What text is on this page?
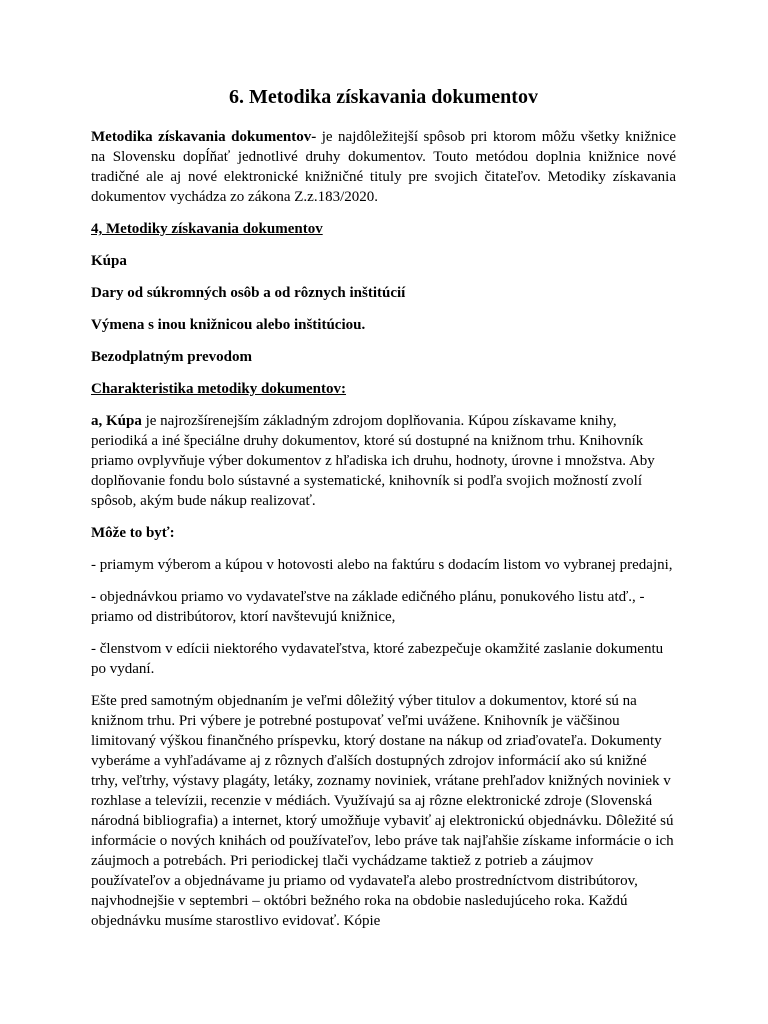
6. Metodika získavania dokumentov

Metodika získavania dokumentov- je najdôležitejší spôsob pri ktorom môžu všetky knižnice na Slovensku dopĺňať jednotlivé druhy dokumentov. Touto metódou doplnia knižnice nové tradičné ale aj nové elektronické knižničné tituly pre svojich čitateľov. Metodiky získavania dokumentov vychádza zo zákona Z.z.183/2020.

4, Metodiky získavania dokumentov

Kúpa

Dary od súkromných osôb a od rôznych inštitúcií

Výmena s inou knižnicou alebo inštitúciou.

Bezodplatným prevodom

Charakteristika metodiky dokumentov:

a, Kúpa je najrozšírenejším základným zdrojom doplňovania. Kúpou získavame knihy, periodiká a iné špeciálne druhy dokumentov, ktoré sú dostupné na knižnom trhu. Knihovník priamo ovplyvňuje výber dokumentov z hľadiska ich druhu, hodnoty, úrovne i množstva. Aby doplňovanie fondu bolo sústavné a systematické, knihovník si podľa svojich možností zvolí spôsob, akým bude nákup realizovať.

Môže to byť:

- priamym výberom a kúpou v hotovosti alebo na faktúru s dodacím listom vo vybranej predajni,

- objednávkou priamo vo vydavateľstve na základe edičného plánu, ponukového listu atď., - priamo od distribútorov, ktorí navštevujú knižnice,

- členstvom v edícii niektorého vydavateľstva, ktoré zabezpečuje okamžité zaslanie dokumentu po vydaní.

Ešte pred samotným objednaním je veľmi dôležitý výber titulov a dokumentov, ktoré sú na knižnom trhu. Pri výbere je potrebné postupovať veľmi uvážene. Knihovník je väčšinou limitovaný výškou finančného príspevku, ktorý dostane na nákup od zriaďovateľa. Dokumenty vyberáme a vyhľadávame aj z rôznych ďalších dostupných zdrojov informácií ako sú knižné trhy, veľtrhy, výstavy plagáty, letáky, zoznamy noviniek, vrátane prehľadov knižných noviniek v rozhlase a televízii, recenzie v médiách. Využívajú sa aj rôzne elektronické zdroje (Slovenská národná bibliografia) a internet, ktorý umožňuje vybaviť aj elektronickú objednávku. Dôležité sú informácie o nových knihách od používateľov, lebo práve tak najľahšie získame informácie o ich záujmoch a potrebách. Pri periodickej tlači vychádzame taktiež z potrieb a záujmov používateľov a objednávame ju priamo od vydavateľa alebo prostredníctvom distribútorov, najvhodnejšie v septembri – októbri bežného roka na obdobie nasledujúceho roka. Každú objednávku musíme starostlivo evidovať. Kópie
